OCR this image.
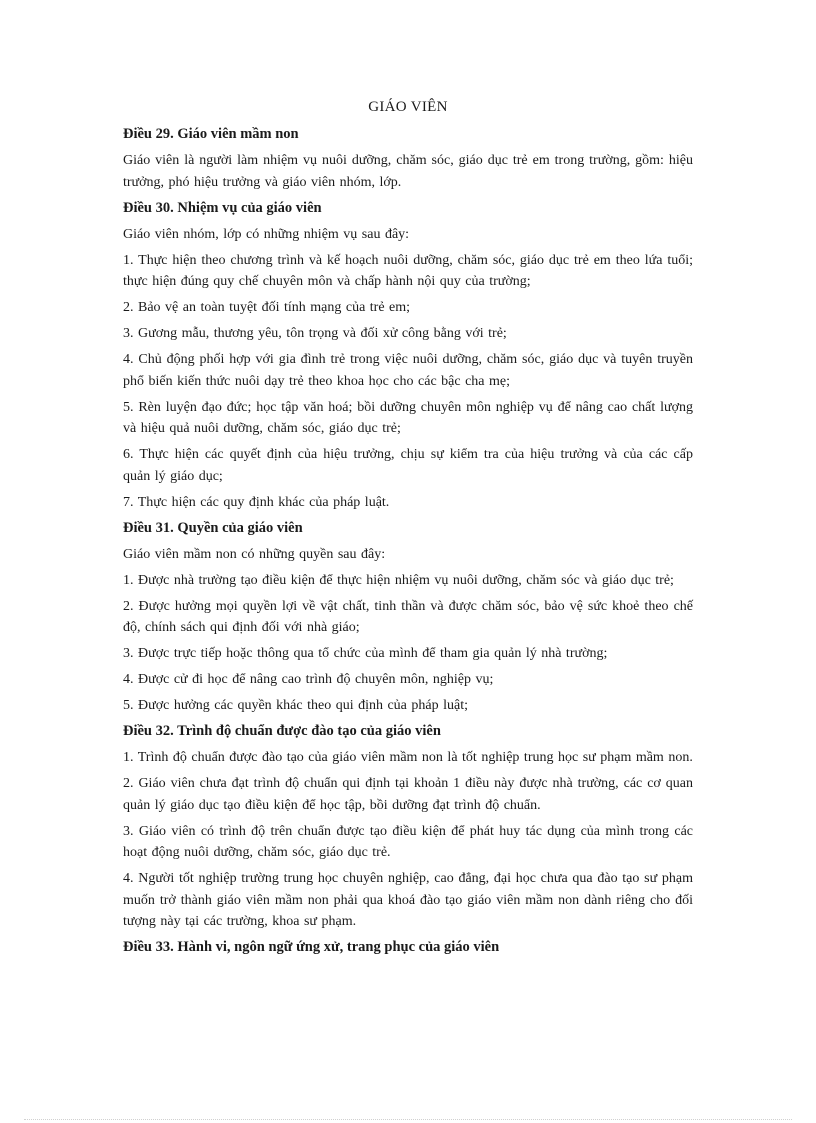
GIÁO VIÊN
Điều 29. Giáo viên mầm non

Giáo viên là người làm nhiệm vụ nuôi dưỡng, chăm sóc, giáo dục trẻ em trong trường, gồm: hiệu trưởng, phó hiệu trưởng và giáo viên nhóm, lớp.

Điều 30. Nhiệm vụ của giáo viên

Giáo viên nhóm, lớp có những nhiệm vụ sau đây:

1. Thực hiện theo chương trình và kế hoạch nuôi dưỡng, chăm sóc, giáo dục trẻ em theo lứa tuổi; thực hiện đúng quy chế chuyên môn và chấp hành nội quy của trường;

2. Bảo vệ an toàn tuyệt đối tính mạng của trẻ em;

3. Gương mẫu, thương yêu, tôn trọng và đối xử công bằng với trẻ;

4. Chủ động phối hợp với gia đình trẻ trong việc nuôi dưỡng, chăm sóc, giáo dục và tuyên truyền phổ biến kiến thức nuôi dạy trẻ theo khoa học cho các bậc cha mẹ;

5. Rèn luyện đạo đức; học tập văn hoá; bồi dưỡng chuyên môn nghiệp vụ để nâng cao chất lượng và hiệu quả nuôi dưỡng, chăm sóc, giáo dục trẻ;

6. Thực hiện các quyết định của hiệu trưởng, chịu sự kiểm tra của hiệu trưởng và của các cấp quản lý giáo dục;

7. Thực hiện các quy định khác của pháp luật.

Điều 31. Quyền của giáo viên

Giáo viên mầm non có những quyền sau đây:

1. Được nhà trường tạo điều kiện để thực hiện nhiệm vụ nuôi dưỡng, chăm sóc và giáo dục trẻ;

2. Được hưởng mọi quyền lợi về vật chất, tinh thần và được chăm sóc, bảo vệ sức khoẻ theo chế độ, chính sách qui định đối với nhà giáo;

3. Được trực tiếp hoặc thông qua tổ chức của mình để tham gia quản lý nhà trường;

4. Được cử đi học để nâng cao trình độ chuyên môn, nghiệp vụ;

5. Được hưởng các quyền khác theo qui định của pháp luật;

Điều 32. Trình độ chuẩn được đào tạo của giáo viên

1. Trình độ chuẩn được đào tạo của giáo viên mầm non là tốt nghiệp trung học sư phạm mầm non.

2. Giáo viên chưa đạt trình độ chuẩn qui định tại khoản 1 điều này được nhà trường, các cơ quan quản lý giáo dục tạo điều kiện để học tập, bồi dưỡng đạt trình độ chuẩn.

3. Giáo viên có trình độ trên chuẩn được tạo điều kiện để phát huy tác dụng của mình trong các hoạt động nuôi dưỡng, chăm sóc, giáo dục trẻ.

4. Người tốt nghiệp trường trung học chuyên nghiệp, cao đẳng, đại học chưa qua đào tạo sư phạm muốn trở thành giáo viên mầm non phải qua khoá đào tạo giáo viên mầm non dành riêng cho đối tượng này tại các trường, khoa sư phạm.

Điều 33. Hành vi, ngôn ngữ ứng xử, trang phục của giáo viên
